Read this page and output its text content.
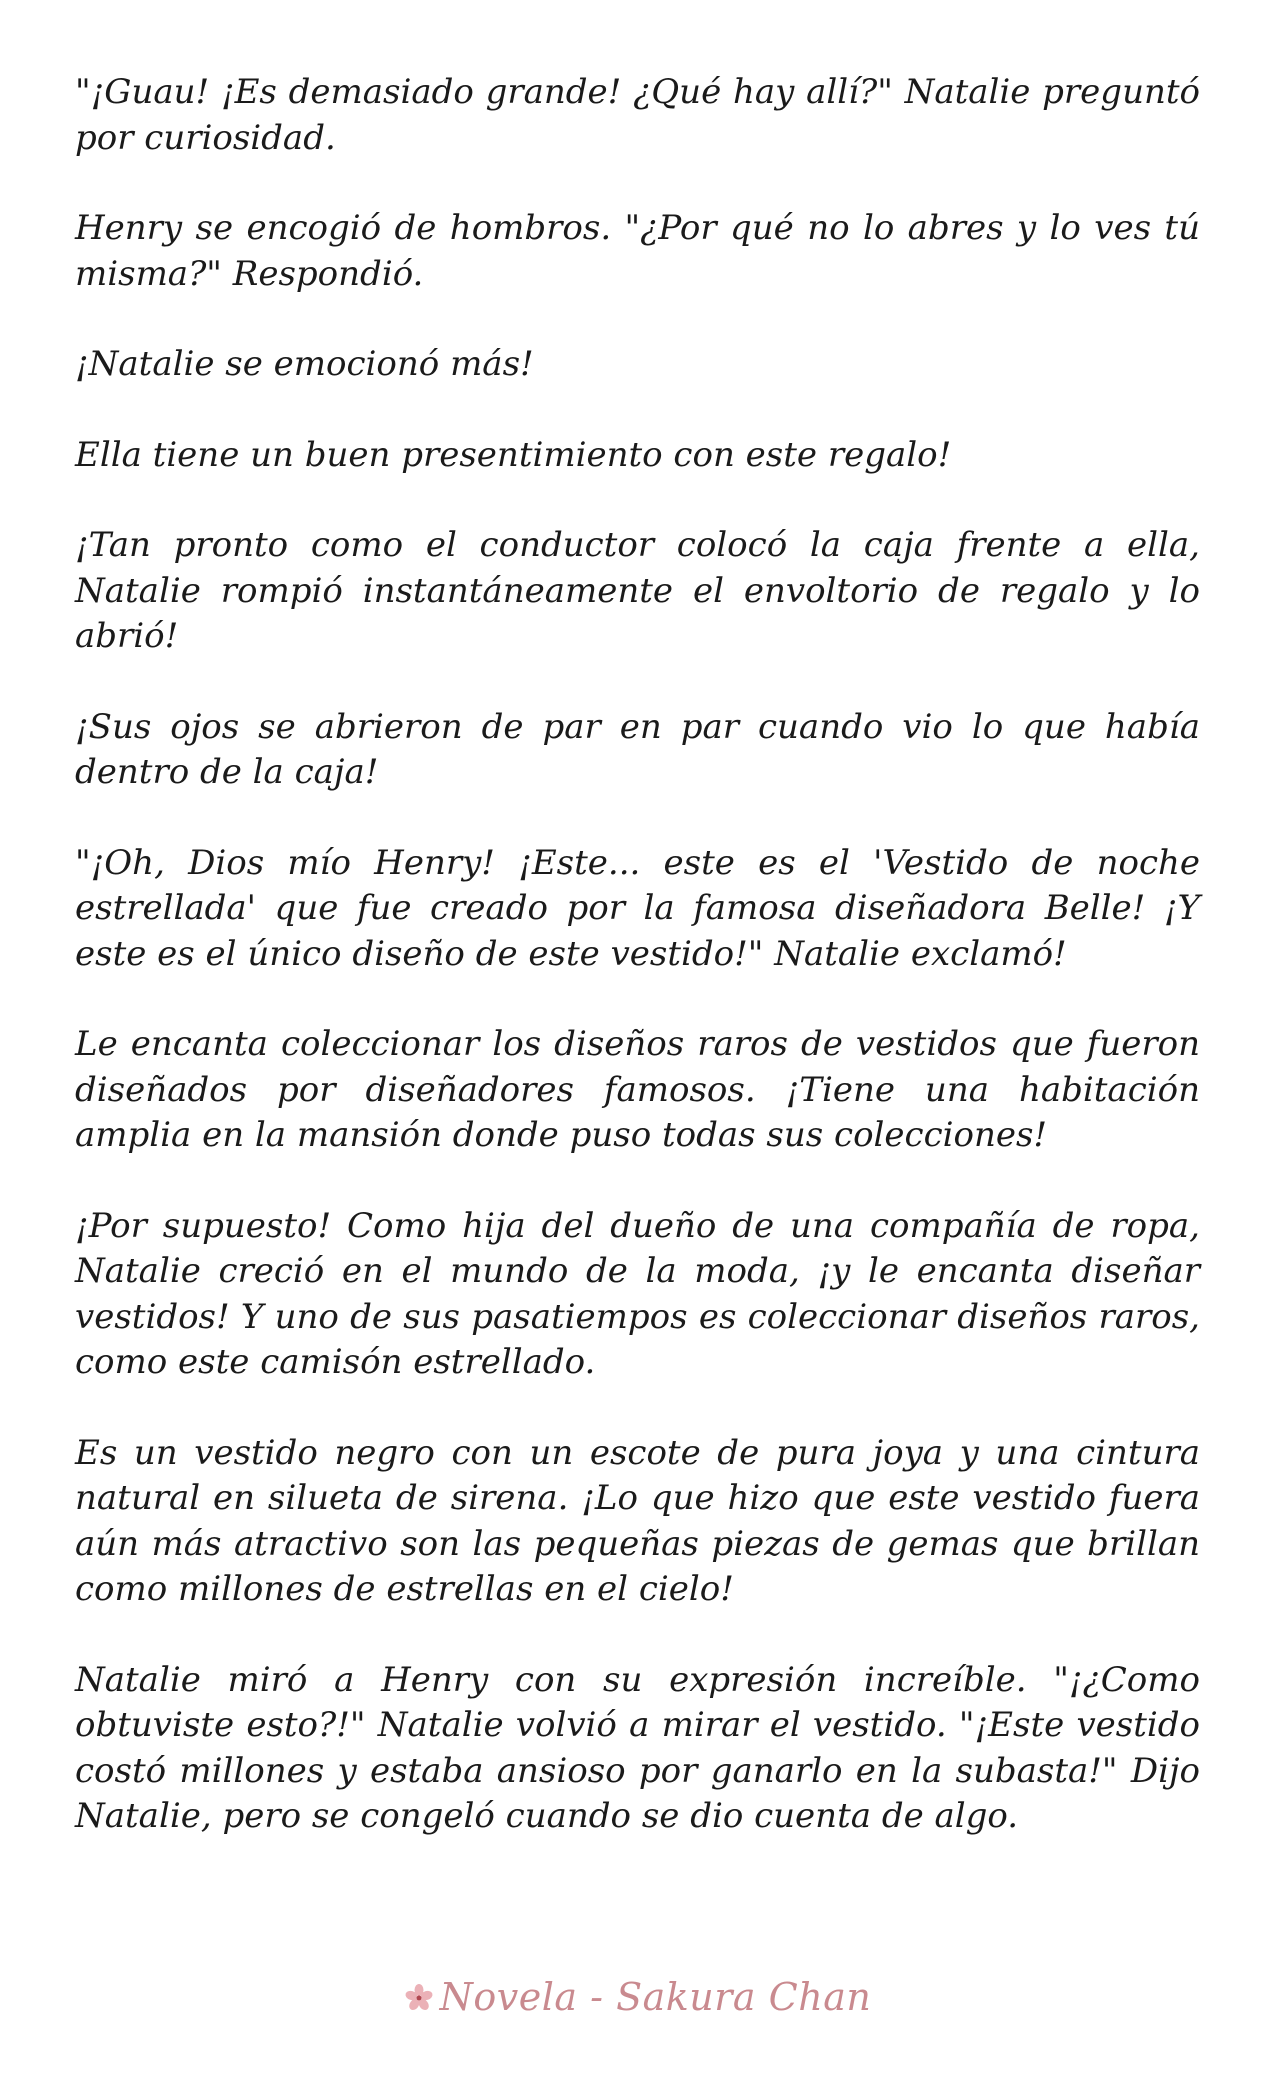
"¡Guau! ¡Es demasiado grande! ¿Qué hay allí?" Natalie preguntó por curiosidad.

Henry se encogió de hombros. "¿Por qué no lo abres y lo ves tú misma?" Respondió.

¡Natalie se emocionó más!

Ella tiene un buen presentimiento con este regalo!

¡Tan pronto como el conductor colocó la caja frente a ella, Natalie rompió instantáneamente el envoltorio de regalo y lo abrió!

¡Sus ojos se abrieron de par en par cuando vio lo que había dentro de la caja!

"¡Oh, Dios mío Henry! ¡Este... este es el 'Vestido de noche estrellada' que fue creado por la famosa diseñadora Belle! ¡Y este es el único diseño de este vestido!" Natalie exclamó!

Le encanta coleccionar los diseños raros de vestidos que fueron diseñados por diseñadores famosos. ¡Tiene una habitación amplia en la mansión donde puso todas sus colecciones!

¡Por supuesto! Como hija del dueño de una compañía de ropa, Natalie creció en el mundo de la moda, ¡y le encanta diseñar vestidos! Y uno de sus pasatiempos es coleccionar diseños raros, como este camisón estrellado.

Es un vestido negro con un escote de pura joya y una cintura natural en silueta de sirena. ¡Lo que hizo que este vestido fuera aún más atractivo son las pequeñas piezas de gemas que brillan como millones de estrellas en el cielo!

Natalie miró a Henry con su expresión increíble. "¡¿Como obtuviste esto?!" Natalie volvió a mirar el vestido. "¡Este vestido costó millones y estaba ansioso por ganarlo en la subasta!" Dijo Natalie, pero se congeló cuando se dio cuenta de algo.

Novela - Sakura Chan
